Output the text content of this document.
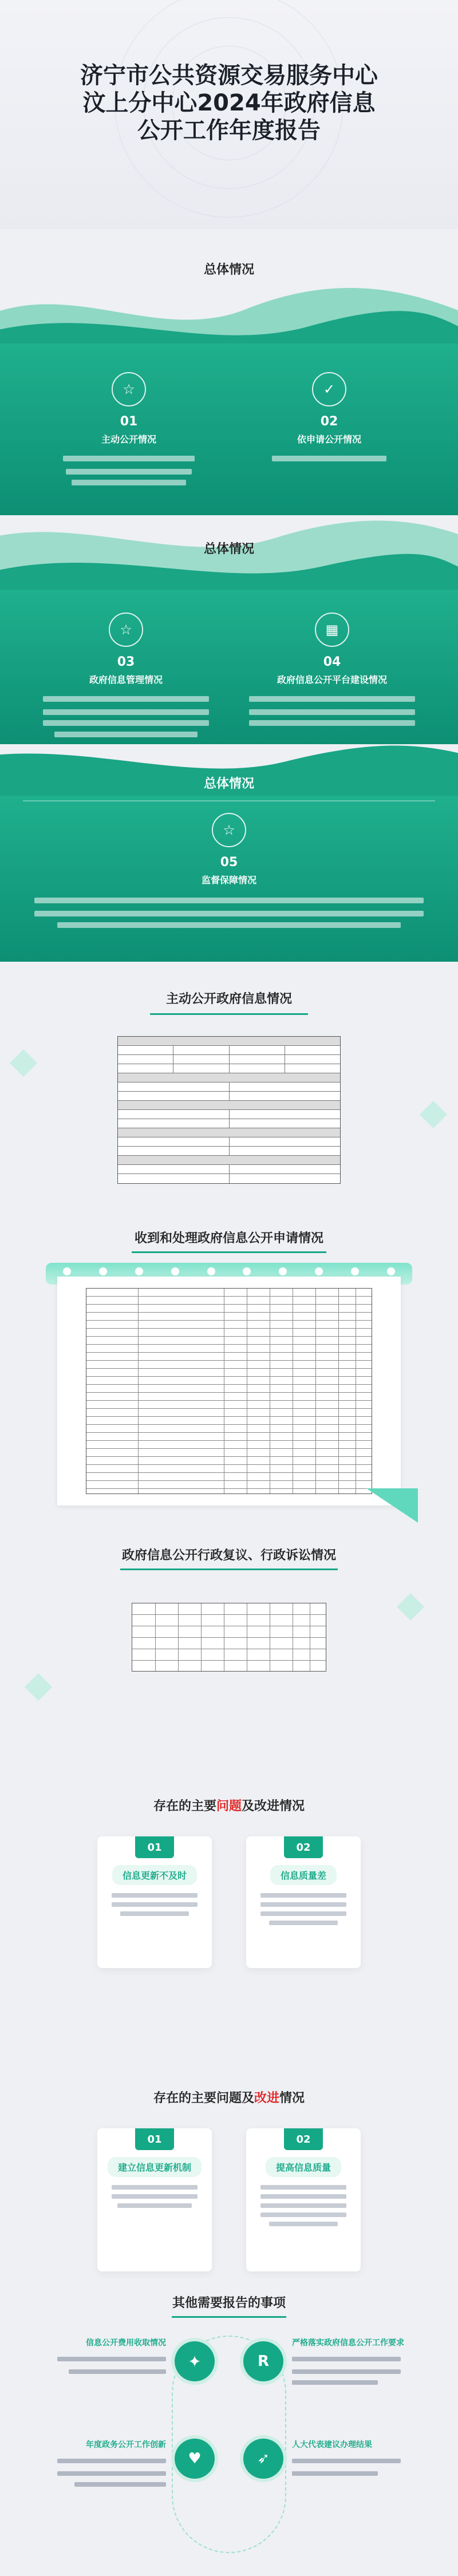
济宁市公共资源交易服务中心
汶上分中心2024年政府信息
公开工作年度报告
总体情况
☆
01
主动公开情况
✓
02
依申请公开情况
总体情况
☆
03
政府信息管理情况
▦
04
政府信息公开平台建设情况
总体情况
☆
05
监督保障情况
主动公开政府信息情况
收到和处理政府信息公开申请情况
政府信息公开行政复议、行政诉讼情况
存在的主要问题及改进情况
01
信息更新不及时
02
信息质量差
存在的主要问题及改进情况
01
建立信息更新机制
02
提高信息质量
其他需要报告的事项
信息公开费用收取情况
✦
严格落实政府信息公开工作要求
R
年度政务公开工作创新
♥
人大代表建议办理结果
➶
